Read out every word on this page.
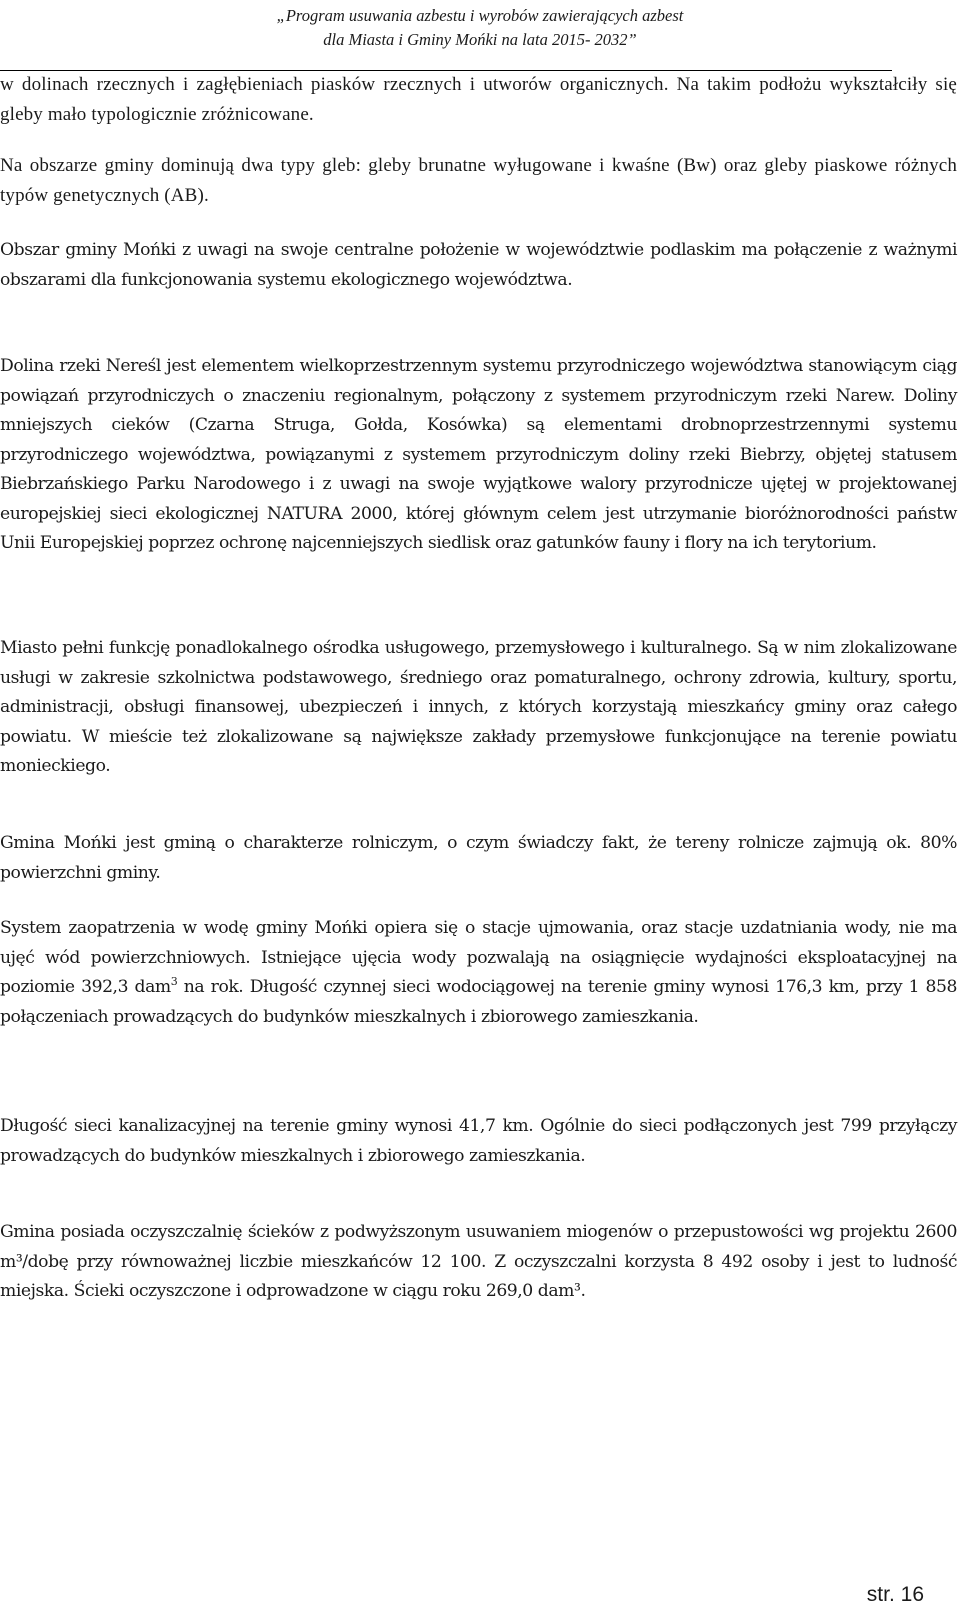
„Program usuwania azbestu i wyrobów zawierających azbest
dla Miasta i Gminy Mońki na lata 2015- 2032”

w dolinach rzecznych i zagłębieniach piasków rzecznych i utworów organicznych. Na takim podłożu wykształciły się gleby mało typologicznie zróżnicowane.

Na obszarze gminy dominują dwa typy gleb: gleby brunatne wyługowane i kwaśne (Bw) oraz gleby piaskowe różnych typów genetycznych (AB).

Obszar gminy Mońki z uwagi na swoje centralne położenie w województwie podlaskim ma połączenie z ważnymi obszarami dla funkcjonowania systemu ekologicznego województwa.

Dolina rzeki Nereśl jest elementem wielkoprzestrzennym systemu przyrodniczego województwa stanowiącym ciąg powiązań przyrodniczych o znaczeniu regionalnym, połączony z systemem przyrodniczym rzeki Narew. Doliny mniejszych cieków (Czarna Struga, Gołda, Kosówka) są elementami drobnoprzestrzennymi systemu przyrodniczego województwa, powiązanymi z systemem przyrodniczym doliny rzeki Biebrzy, objętej statusem Biebrzańskiego Parku Narodowego i z uwagi na swoje wyjątkowe walory przyrodnicze ujętej w projektowanej europejskiej sieci ekologicznej NATURA 2000, której głównym celem jest utrzymanie bioróżnorodności państw Unii Europejskiej poprzez ochronę najcenniejszych siedlisk oraz gatunków fauny i flory na ich terytorium.

Miasto pełni funkcję ponadlokalnego ośrodka usługowego, przemysłowego i kulturalnego. Są w nim zlokalizowane usługi w zakresie szkolnictwa podstawowego, średniego oraz pomaturalnego, ochrony zdrowia, kultury, sportu, administracji, obsługi finansowej, ubezpieczeń i innych, z których korzystają mieszkańcy gminy oraz całego powiatu. W mieście też zlokalizowane są największe zakłady przemysłowe funkcjonujące na terenie powiatu monieckiego.

Gmina Mońki jest gminą o charakterze rolniczym, o czym świadczy fakt, że tereny rolnicze zajmują ok. 80% powierzchni gminy.

System zaopatrzenia w wodę gminy Mońki opiera się o stacje ujmowania, oraz stacje uzdatniania wody, nie ma ujęć wód powierzchniowych. Istniejące ujęcia wody pozwalają na osiągnięcie wydajności eksploatacyjnej na poziomie 392,3 dam$^3$ na rok. Długość czynnej sieci wodociągowej na terenie gminy wynosi 176,3 km, przy 1 858 połączeniach prowadzących do budynków mieszkalnych i zbiorowego zamieszkania.

Długość sieci kanalizacyjnej na terenie gminy wynosi 41,7 km. Ogólnie do sieci podłączonych jest 799 przyłączy prowadzących do budynków mieszkalnych i zbiorowego zamieszkania.

Gmina posiada oczyszczalnię ścieków z podwyższonym usuwaniem miogenów o przepustowości wg projektu 2600 m³/dobę przy równoważnej liczbie mieszkańców 12 100. Z oczyszczalni korzysta 8 492 osoby i jest to ludność miejska. Ścieki oczyszczone i odprowadzone w ciągu roku 269,0 dam³.

str. 16
